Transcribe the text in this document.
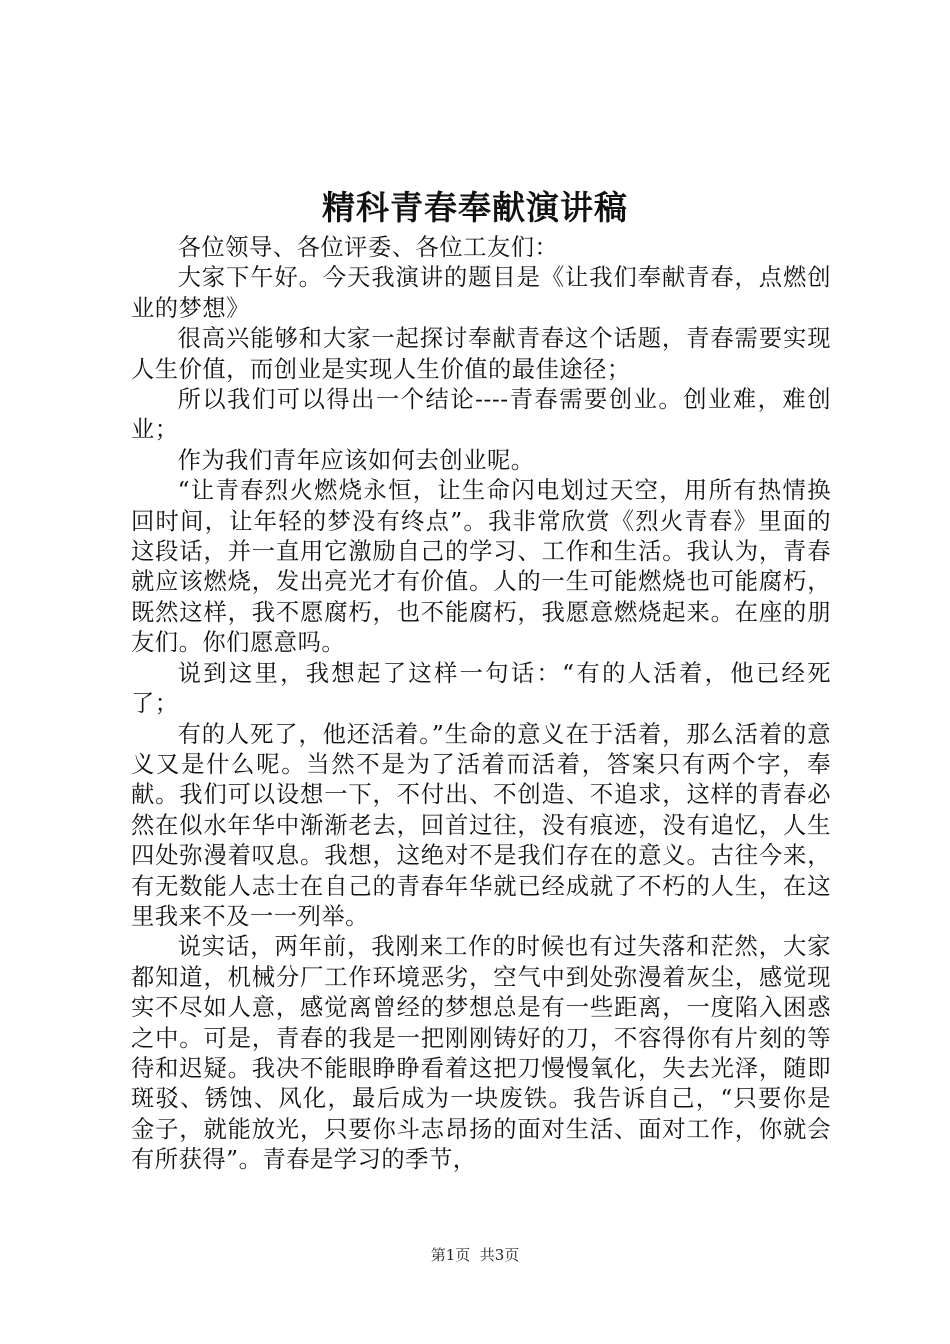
精科青春奉献演讲稿

各位领导、各位评委、各位工友们：

大家下午好。今天我演讲的题目是《让我们奉献青春，点燃创业的梦想》

很高兴能够和大家一起探讨奉献青春这个话题，青春需要实现人生价值，而创业是实现人生价值的最佳途径；

所以我们可以得出一个结论----青春需要创业。创业难，难创业；

作为我们青年应该如何去创业呢。

“让青春烈火燃烧永恒，让生命闪电划过天空，用所有热情换回时间，让年轻的梦没有终点”。我非常欣赏《烈火青春》里面的这段话，并一直用它激励自己的学习、工作和生活。我认为，青春就应该燃烧，发出亮光才有价值。人的一生可能燃烧也可能腐朽，既然这样，我不愿腐朽，也不能腐朽，我愿意燃烧起来。在座的朋友们。你们愿意吗。

说到这里，我想起了这样一句话：“有的人活着，他已经死了；

有的人死了，他还活着。”生命的意义在于活着，那么活着的意义又是什么呢。当然不是为了活着而活着，答案只有两个字，奉献。我们可以设想一下，不付出、不创造、不追求，这样的青春必然在似水年华中渐渐老去，回首过往，没有痕迹，没有追忆，人生四处弥漫着叹息。我想，这绝对不是我们存在的意义。古往今来，有无数能人志士在自己的青春年华就已经成就了不朽的人生，在这里我来不及一一列举。

说实话，两年前，我刚来工作的时候也有过失落和茫然，大家都知道，机械分厂工作环境恶劣，空气中到处弥漫着灰尘，感觉现实不尽如人意，感觉离曾经的梦想总是有一些距离，一度陷入困惑之中。可是，青春的我是一把刚刚铸好的刀，不容得你有片刻的等待和迟疑。我决不能眼睁睁看着这把刀慢慢氧化，失去光泽，随即斑驳、锈蚀、风化，最后成为一块废铁。我告诉自己，“只要你是金子，就能放光，只要你斗志昂扬的面对生活、面对工作，你就会有所获得”。青春是学习的季节，

第1页  共3页
